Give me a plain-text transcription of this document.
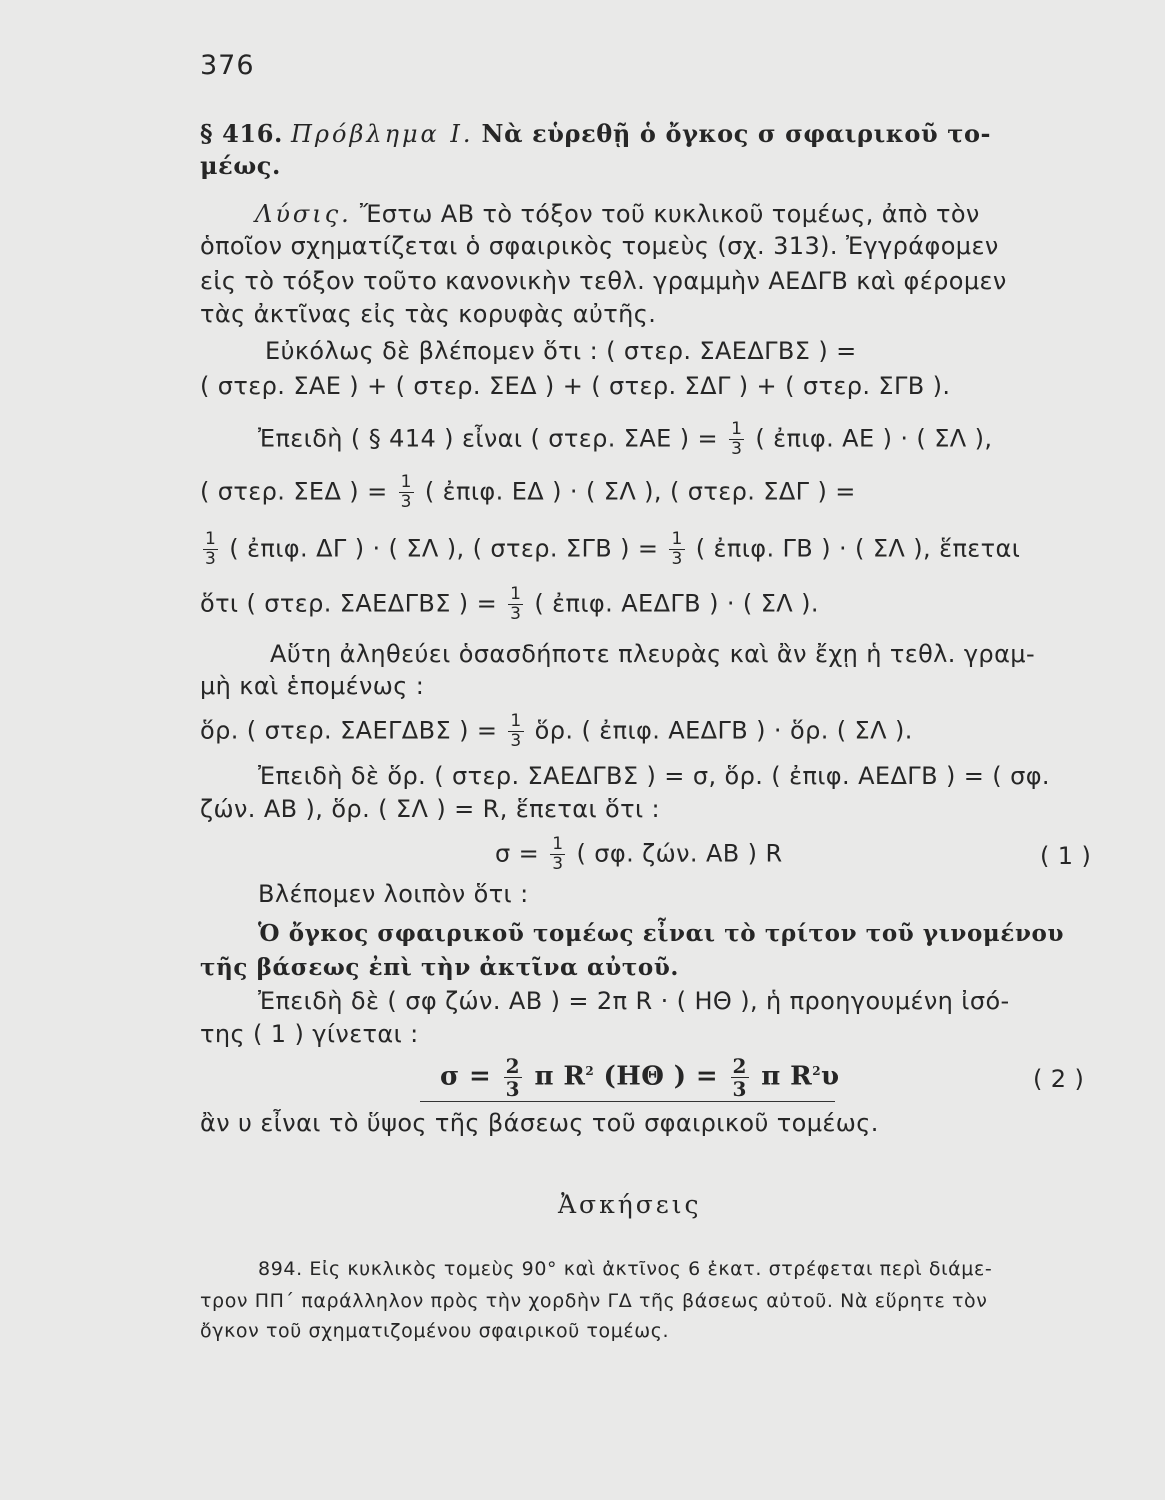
376
§ 416. Πρόβλημα Ι. Νὰ εὑρεθῇ ὁ ὄγκος σ σφαιρικοῦ το-
μέως.
Λύσις. Ἔστω ΑΒ τὸ τόξον τοῦ κυκλικοῦ τομέως, ἀπὸ τὸν
ὁποῖον σχηματίζεται ὁ σφαιρικὸς τομεὺς (σχ. 313). Ἐγγράφομεν
εἰς τὸ τόξον τοῦτο κανονικὴν τεθλ. γραμμὴν ΑΕΔΓΒ καὶ φέρομεν
τὰς ἀκτῖνας εἰς τὰς κορυφὰς αὐτῆς.
Εὐκόλως δὲ βλέπομεν ὅτι : ( στερ. ΣΑΕΔΓΒΣ ) =
( στερ. ΣΑΕ ) + ( στερ. ΣΕΔ ) + ( στερ. ΣΔΓ ) + ( στερ. ΣΓΒ ).
Ἐπειδὴ ( § 414 ) εἶναι ( στερ. ΣΑΕ ) = $\frac{1}{3}$ ( ἐπιφ. ΑΕ ) · ( ΣΛ ),
( στερ. ΣΕΔ ) = $\frac{1}{3}$ ( ἐπιφ. ΕΔ ) · ( ΣΛ ), ( στερ. ΣΔΓ ) =
$\frac{1}{3}$ ( ἐπιφ. ΔΓ ) · ( ΣΛ ), ( στερ. ΣΓΒ ) = $\frac{1}{3}$ ( ἐπιφ. ΓΒ ) · ( ΣΛ ), ἕπεται
ὅτι ( στερ. ΣΑΕΔΓΒΣ ) = $\frac{1}{3}$ ( ἐπιφ. ΑΕΔΓΒ ) · ( ΣΛ ).
Αὕτη ἀληθεύει ὁσασδήποτε πλευρὰς καὶ ἂν ἔχῃ ἡ τεθλ. γραμ-
μὴ καὶ ἑπομένως :
ὅρ. ( στερ. ΣΑΕΓΔΒΣ ) = $\frac{1}{3}$ ὅρ. ( ἐπιφ. ΑΕΔΓΒ ) · ὅρ. ( ΣΛ ).
Ἐπειδὴ δὲ ὅρ. ( στερ. ΣΑΕΔΓΒΣ ) = σ, ὅρ. ( ἐπιφ. ΑΕΔΓΒ ) = ( σφ.
ζών. ΑΒ ), ὅρ. ( ΣΛ ) = R, ἕπεται ὅτι :
$\sigma = \frac{1}{3}$ ( σφ. ζών. ΑΒ ) R	( 1 )
Βλέπομεν λοιπὸν ὅτι :
Ὁ ὄγκος σφαιρικοῦ τομέως εἶναι τὸ τρίτον τοῦ γινομένου
τῆς βάσεως ἐπὶ τὴν ἀκτῖνα αὐτοῦ.
Ἐπειδὴ δὲ ( σφ ζών. ΑΒ ) = 2π R · ( ΗΘ ), ἡ προηγουμένη ἰσό-
της ( 1 ) γίνεται :
$\sigma = \frac{2}{3}$ π $R^2$ (ΗΘ ) = $\frac{2}{3}$ π $R^2\upsilon$	( 2 )
ἂν υ εἶναι τὸ ὕψος τῆς βάσεως τοῦ σφαιρικοῦ τομέως.
Ἀσκήσεις
894. Εἰς κυκλικὸς τομεὺς 90° καὶ ἀκτῖνος 6 ἑκατ. στρέφεται περὶ διάμε-
τρον ΠΠ΄ παράλληλον πρὸς τὴν χορδὴν ΓΔ τῆς βάσεως αὐτοῦ. Νὰ εὕρητε τὸν
ὄγκον τοῦ σχηματιζομένου σφαιρικοῦ τομέως.
